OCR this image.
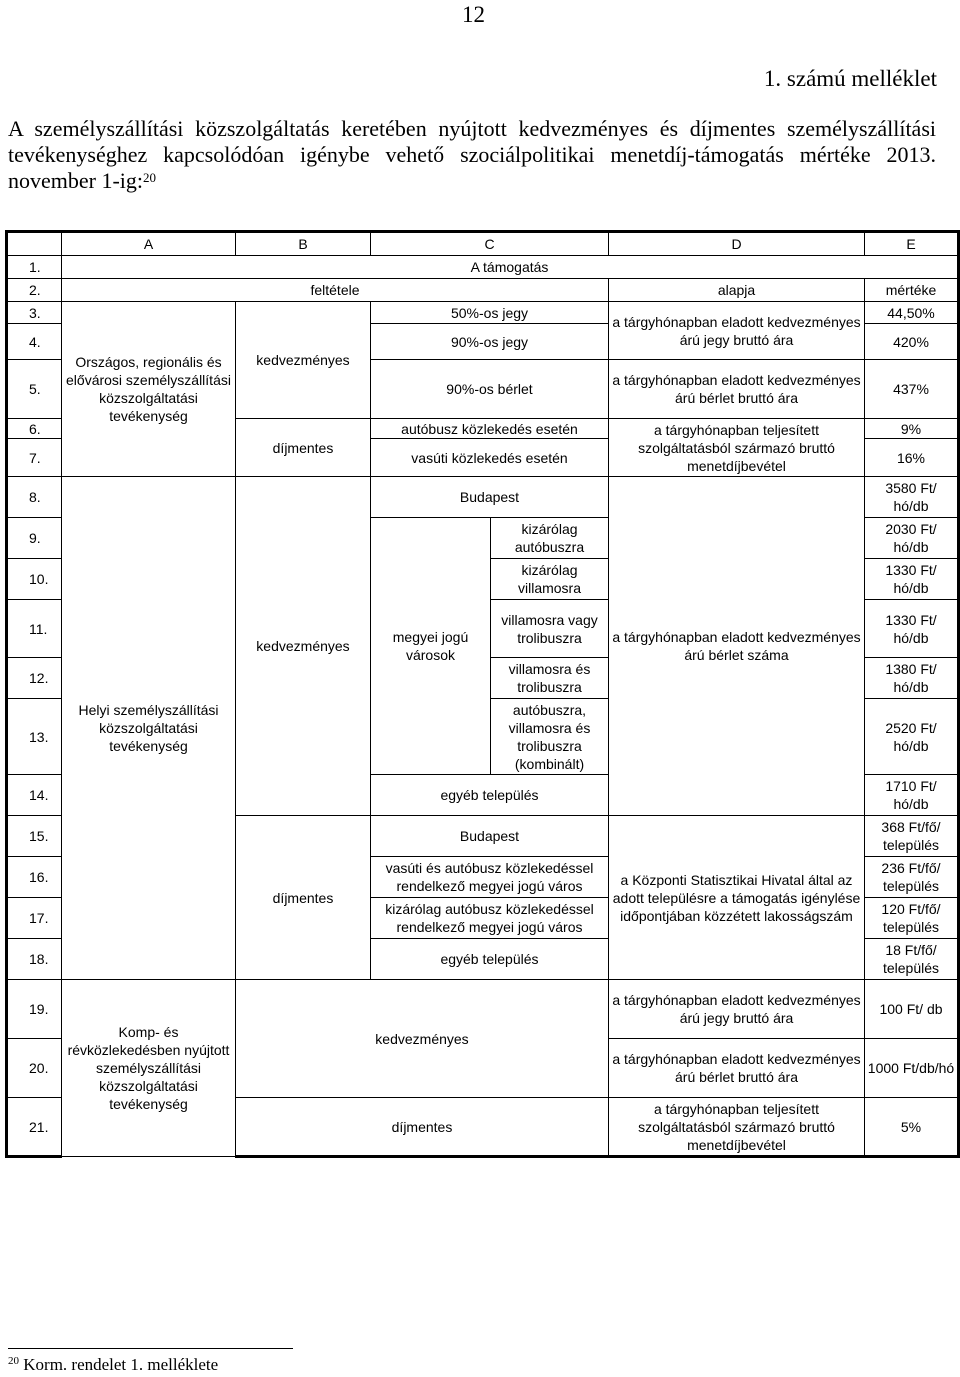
12
1. számú melléklet
A személyszállítási közszolgáltatás keretében nyújtott kedvezményes és díjmentes személyszállítási tevékenységhez kapcsolódóan igénybe vehető szociálpolitikai menetdíj-támogatás mértéke 2013. november 1-ig:$^{20}$
	A	B	C		D	E
1.	A támogatás					
2.	feltétele				alapja	mértéke
3.	Országos, regionális és elővárosi személyszállítási közszolgáltatási tevékenység	kedvezményes	50%-os jegy		a tárgyhónapban eladott kedvezményes árú jegy bruttó ára	44,50%
4.			90%-os jegy			420%
5.			90%-os bérlet		a tárgyhónapban eladott kedvezményes árú bérlet bruttó ára	437%
6.		díjmentes	autóbusz közlekedés esetén		a tárgyhónapban teljesített szolgáltatásból származó bruttó menetdíjbevétel	9%
7.			vasúti közlekedés esetén			16%
8.	Helyi személyszállítási közszolgáltatási tevékenység	kedvezményes	Budapest		a tárgyhónapban eladott kedvezményes árú bérlet száma	3580 Ft/ hó/db
9.			megyei jogú városok	kizárólag autóbuszra		2030 Ft/ hó/db
10.				kizárólag villamosra		1330 Ft/ hó/db
11.				villamosra vagy trolibuszra		1330 Ft/ hó/db
12.				villamosra és trolibuszra		1380 Ft/ hó/db
13.				autóbuszra, villamosra és trolibuszra (kombinált)		2520 Ft/ hó/db
14.			egyéb település			1710 Ft/ hó/db
15.		díjmentes	Budapest		a Központi Statisztikai Hivatal által az adott településre a támogatás igénylése időpontjában közzétett lakosságszám	368 Ft/fő/ település
16.			vasúti és autóbusz közlekedéssel rendelkező megyei jogú város			236 Ft/fő/ település
17.			kizárólag autóbusz közlekedéssel rendelkező megyei jogú város			120 Ft/fő/ település
18.			egyéb település			18 Ft/fő/ település
19.	Komp- és révközlekedésben nyújtott személyszállítási közszolgáltatási tevékenység	kedvezményes			a tárgyhónapban eladott kedvezményes árú jegy bruttó ára	100 Ft/ db
20.					a tárgyhónapban eladott kedvezményes árú bérlet bruttó ára	1000 Ft/db/hó
21.		díjmentes			a tárgyhónapban teljesített szolgáltatásból származó bruttó menetdíjbevétel	5%
$^{20}$ Korm. rendelet 1. melléklete
